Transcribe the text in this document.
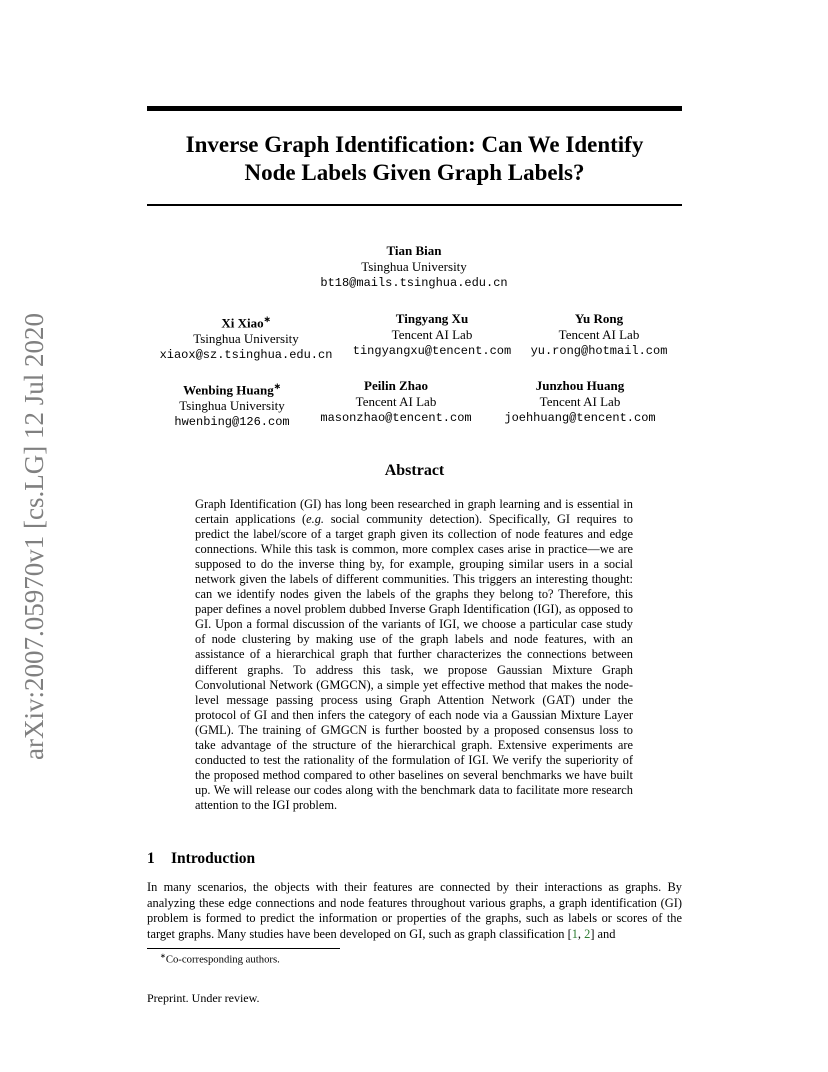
arXiv:2007.05970v1 [cs.LG] 12 Jul 2020
Inverse Graph Identification: Can We Identify
Node Labels Given Graph Labels?
Tian Bian
Tsinghua University
bt18@mails.tsinghua.edu.cn
Xi Xiao∗
Tsinghua University
xiaox@sz.tsinghua.edu.cn
Tingyang Xu
Tencent AI Lab
tingyangxu@tencent.com
Yu Rong
Tencent AI Lab
yu.rong@hotmail.com
Wenbing Huang∗
Tsinghua University
hwenbing@126.com
Peilin Zhao
Tencent AI Lab
masonzhao@tencent.com
Junzhou Huang
Tencent AI Lab
joehhuang@tencent.com
Abstract
Graph Identification (GI) has long been researched in graph learning and is essential in certain applications (e.g. social community detection). Specifically, GI requires to predict the label/score of a target graph given its collection of node features and edge connections. While this task is common, more complex cases arise in practice—we are supposed to do the inverse thing by, for example, grouping similar users in a social network given the labels of different communities. This triggers an interesting thought: can we identify nodes given the labels of the graphs they belong to? Therefore, this paper defines a novel problem dubbed Inverse Graph Identification (IGI), as opposed to GI. Upon a formal discussion of the variants of IGI, we choose a particular case study of node clustering by making use of the graph labels and node features, with an assistance of a hierarchical graph that further characterizes the connections between different graphs. To address this task, we propose Gaussian Mixture Graph Convolutional Network (GMGCN), a simple yet effective method that makes the node-level message passing process using Graph Attention Network (GAT) under the protocol of GI and then infers the category of each node via a Gaussian Mixture Layer (GML). The training of GMGCN is further boosted by a proposed consensus loss to take advantage of the structure of the hierarchical graph. Extensive experiments are conducted to test the rationality of the formulation of IGI. We verify the superiority of the proposed method compared to other baselines on several benchmarks we have built up. We will release our codes along with the benchmark data to facilitate more research attention to the IGI problem.
1 Introduction
In many scenarios, the objects with their features are connected by their interactions as graphs. By analyzing these edge connections and node features throughout various graphs, a graph identification (GI) problem is formed to predict the information or properties of the graphs, such as labels or scores of the target graphs. Many studies have been developed on GI, such as graph classification [1, 2] and
∗Co-corresponding authors.
Preprint. Under review.
